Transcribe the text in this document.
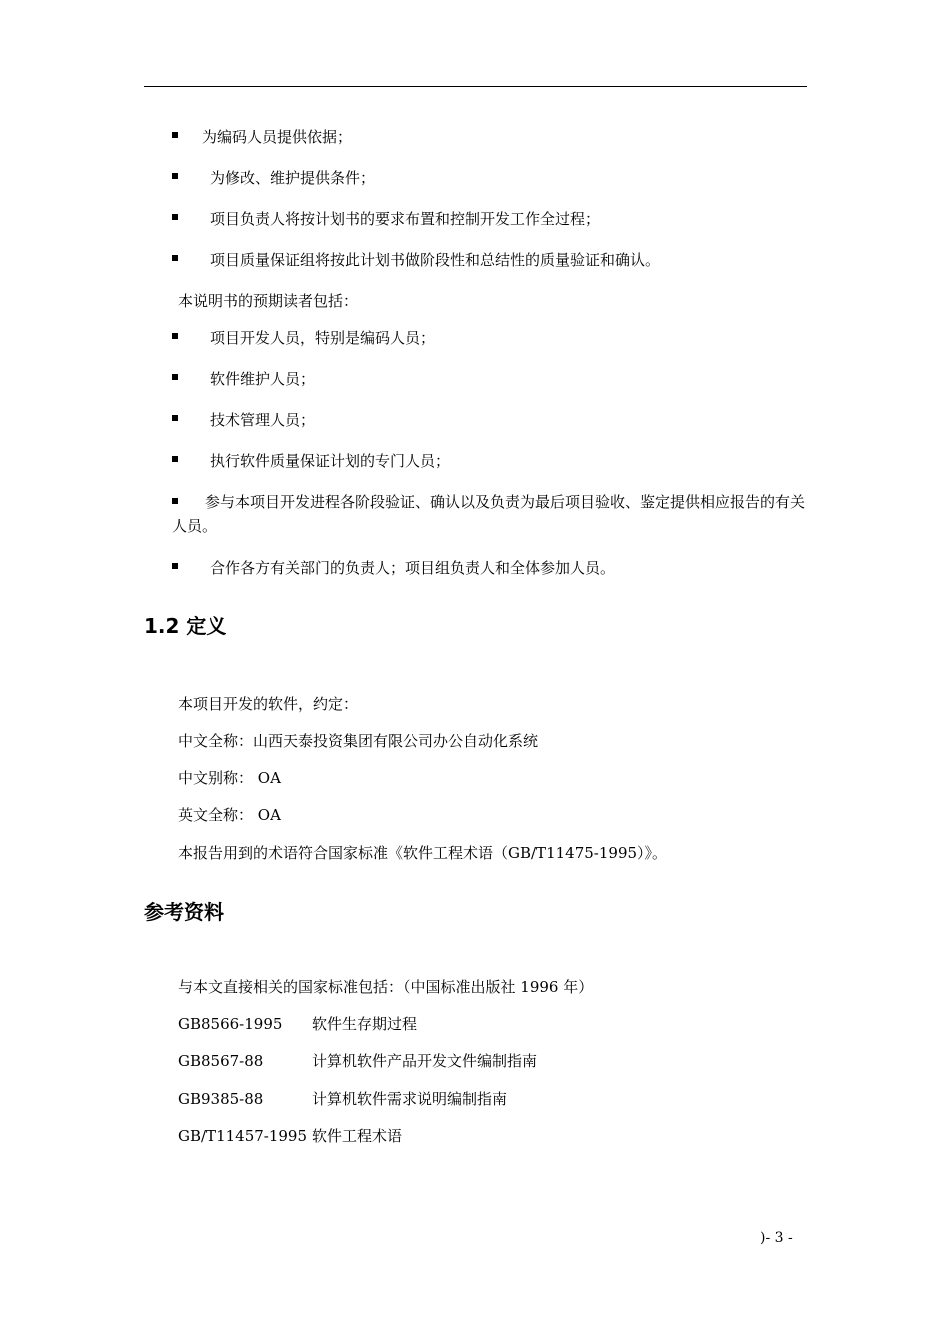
为编码人员提供依据；
为修改、维护提供条件；
项目负责人将按计划书的要求布置和控制开发工作全过程；
项目质量保证组将按此计划书做阶段性和总结性的质量验证和确认。
本说明书的预期读者包括：
项目开发人员，特别是编码人员；
软件维护人员；
技术管理人员；
执行软件质量保证计划的专门人员；
参与本项目开发进程各阶段验证、确认以及负责为最后项目验收、鉴定提供相应报告的有关人员。
合作各方有关部门的负责人；项目组负责人和全体参加人员。
1.2 定义
本项目开发的软件，约定：
中文全称：山西天泰投资集团有限公司办公自动化系统
中文别称： OA
英文全称： OA
本报告用到的术语符合国家标准《软件工程术语（GB/T11475-1995）》。
参考资料
与本文直接相关的国家标准包括：（中国标准出版社 1996 年）
GB8566-1995 软件生存期过程
GB8567-88	计算机软件产品开发文件编制指南
GB9385-88	计算机软件需求说明编制指南
GB/T11457-1995 软件工程术语
)- 3 -
